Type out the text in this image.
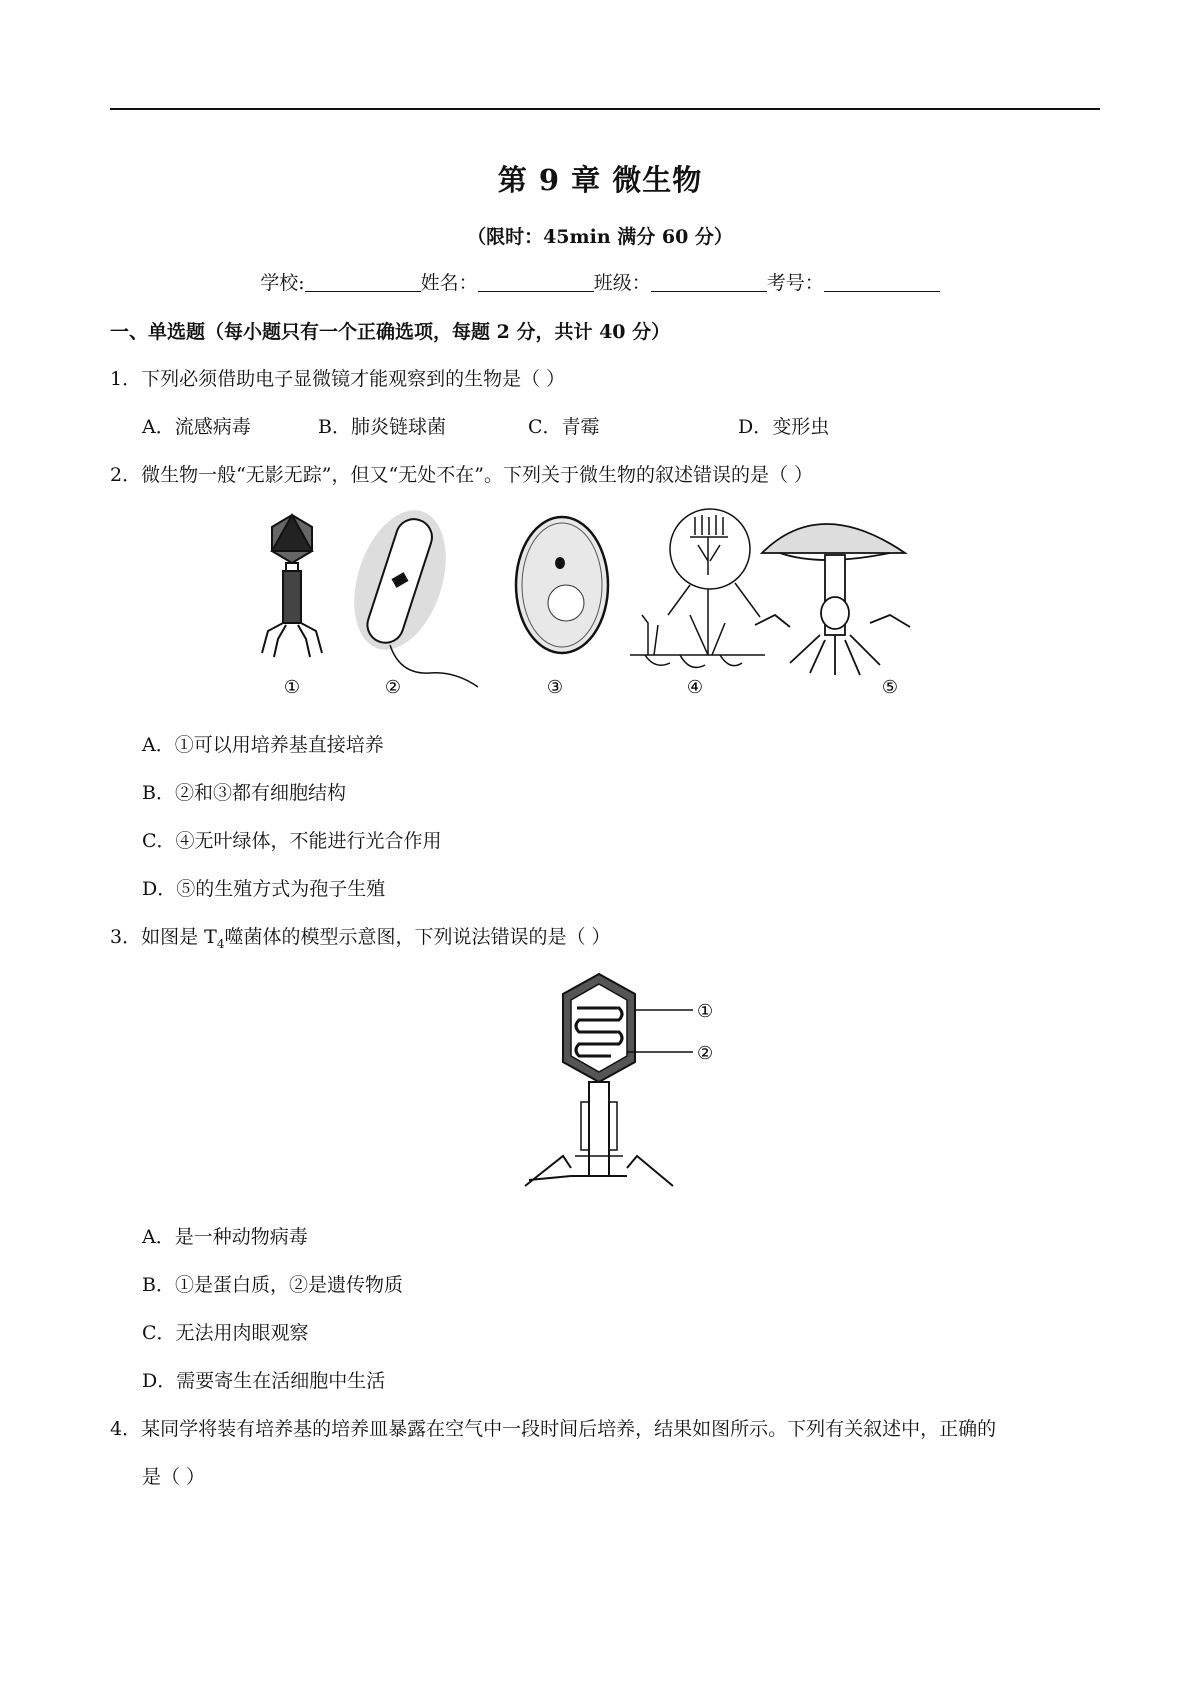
第 9 章 微生物
（限时：45min 满分 60 分）
学校:	姓名：	班级：	考号：
一、单选题（每小题只有一个正确选项，每题 2 分，共计 40 分）
1．下列必须借助电子显微镜才能观察到的生物是（ ）
A．流感病毒	B．肺炎链球菌	C．青霉	D．变形虫
2．微生物一般“无影无踪”，但又“无处不在”。下列关于微生物的叙述错误的是（ ）
①	②	③	④	⑤
A．①可以用培养基直接培养
B．②和③都有细胞结构
C．④无叶绿体，不能进行光合作用
D．⑤的生殖方式为孢子生殖
3．如图是 $T_4$噬菌体的模型示意图，下列说法错误的是（ ）
①
②
A．是一种动物病毒
B．①是蛋白质，②是遗传物质
C．无法用肉眼观察
D．需要寄生在活细胞中生活
4．某同学将装有培养基的培养皿暴露在空气中一段时间后培养，结果如图所示。下列有关叙述中，正确的
是（ ）
